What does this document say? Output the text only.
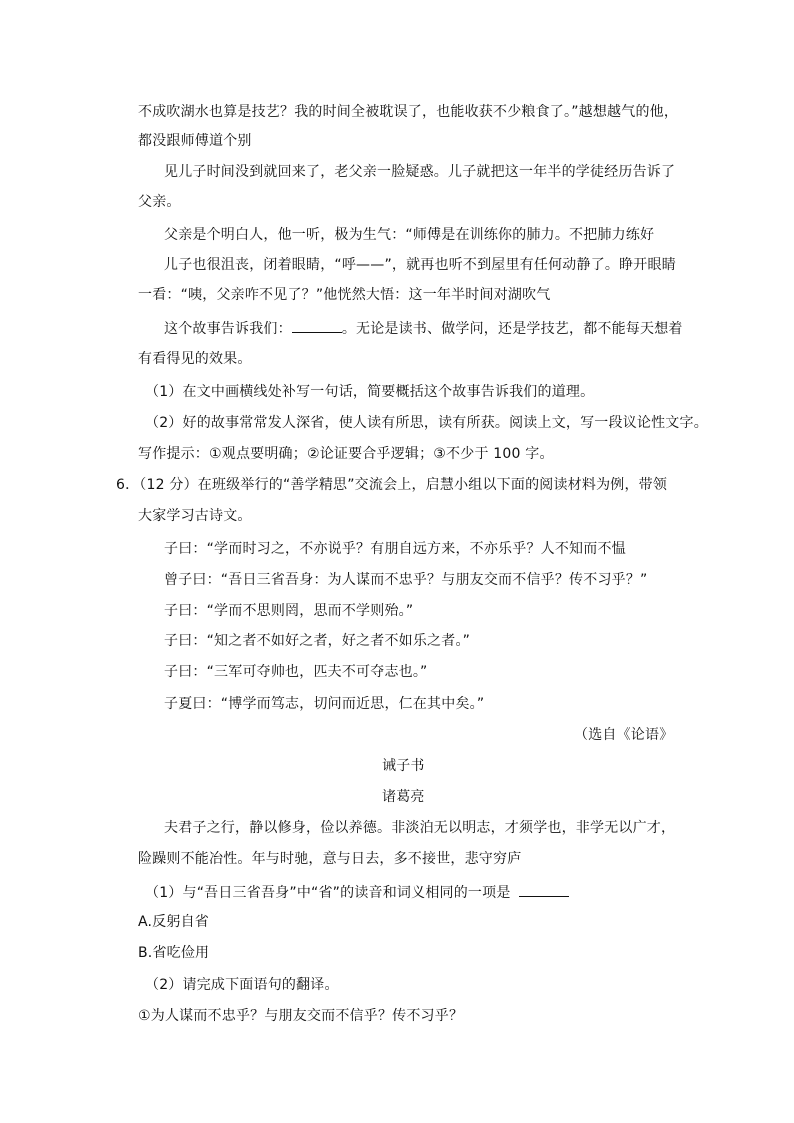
不成吹湖水也算是技艺？我的时间全被耽误了，也能收获不少粮食了。”越想越气的他，
都没跟师傅道个别
见儿子时间没到就回来了，老父亲一脸疑惑。儿子就把这一年半的学徒经历告诉了
父亲。
父亲是个明白人，他一听，极为生气：“师傅是在训练你的肺力。不把肺力练好
儿子也很沮丧，闭着眼睛，“呼——”，就再也听不到屋里有任何动静了。睁开眼睛
一看：“咦，父亲咋不见了？”他恍然大悟：这一年半时间对湖吹气
这个故事告诉我们：	。无论是读书、做学问，还是学技艺，都不能每天想着
有看得见的效果。
（1）在文中画横线处补写一句话，简要概括这个故事告诉我们的道理。
（2）好的故事常常发人深省，使人读有所思，读有所获。阅读上文，写一段议论性文字。
写作提示：①观点要明确；②论证要合乎逻辑；③不少于 100 字。
6．（12 分）在班级举行的“善学精思”交流会上，启慧小组以下面的阅读材料为例，带领
大家学习古诗文。
子曰：“学而时习之，不亦说乎？有朋自远方来，不亦乐乎？人不知而不愠
曾子曰：“吾日三省吾身：为人谋而不忠乎？与朋友交而不信乎？传不习乎？”
子曰：“学而不思则罔，思而不学则殆。”
子曰：“知之者不如好之者，好之者不如乐之者。”
子曰：“三军可夺帅也，匹夫不可夺志也。”
子夏曰：“博学而笃志，切问而近思，仁在其中矣。”
（选自《论语》
诫子书
诸葛亮
夫君子之行，静以修身，俭以养德。非淡泊无以明志，才须学也，非学无以广才，
险躁则不能冶性。年与时驰，意与日去，多不接世，悲守穷庐
（1）与“吾日三省吾身”中“省”的读音和词义相同的一项是
A.反躬自省
B.省吃俭用
（2）请完成下面语句的翻译。
①为人谋而不忠乎？与朋友交而不信乎？传不习乎？
